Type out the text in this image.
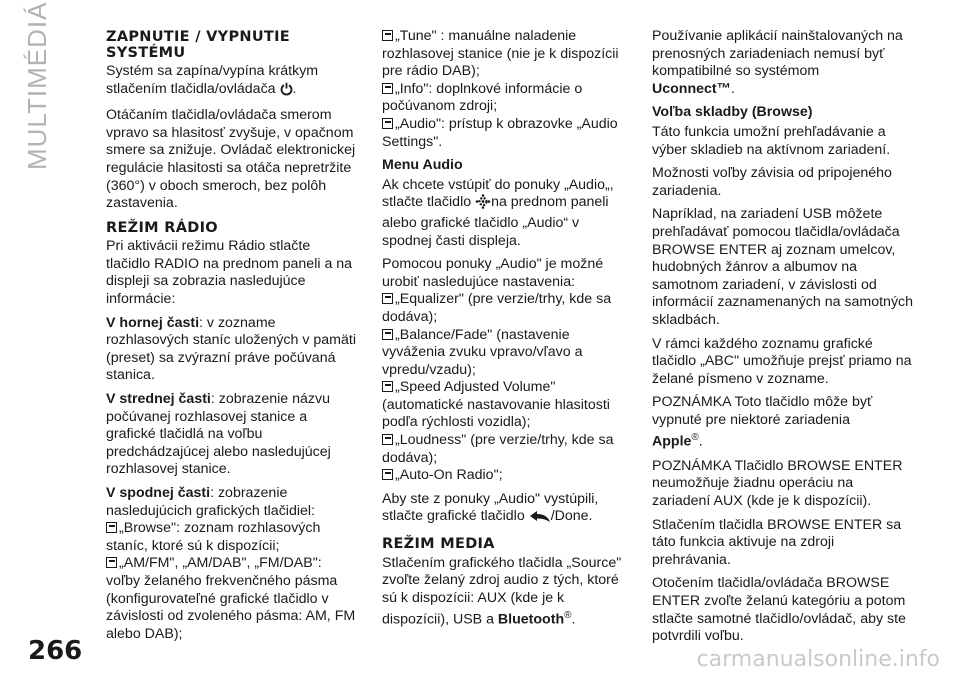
MULTIMÉDIÁ	ZAPNUTIE / VYPNUTIE SYSTÉMU

Systém sa zapína/vypína krátkym stlačením tlačidla/ovládača .

Otáčaním tlačidla/ovládača smerom vpravo sa hlasitosť zvyšuje, v opačnom smere sa znižuje. Ovládač elektronickej regulácie hlasitosti sa otáča nepretržite (360°) v oboch smeroch, bez polôh zastavenia.

REŽIM RÁDIO

Pri aktivácii režimu Rádio stlačte tlačidlo RADIO na prednom paneli a na displeji sa zobrazia nasledujúce informácie:

V hornej časti: v zozname rozhlasových staníc uložených v pamäti (preset) sa zvýrazní práve počúvaná stanica.

V strednej časti: zobrazenie názvu počúvanej rozhlasovej stanice a grafické tlačidlá na voľbu predchádzajúcej alebo nasledujúcej rozhlasovej stanice.

V spodnej časti: zobrazenie nasledujúcich grafických tlačidiel:

„Browse": zoznam rozhlasových staníc, ktoré sú k dispozícii;
„AM/FM", „AM/DAB", „FM/DAB": voľby želaného frekvenčného pásma (konfigurovateľné grafické tlačidlo v závislosti od zvoleného pásma: AM, FM alebo DAB);
„Tune" : manuálne naladenie rozhlasovej stanice (nie je k dispozícii pre rádio DAB);
„Info": doplnkové informácie o počúvanom zdroji;
„Audio": prístup k obrazovke „Audio Settings".
Menu Audio

Ak chcete vstúpiť do ponuky „Audio„, stlačte tlačidlo na prednom paneli alebo grafické tlačidlo „Audio“ v spodnej časti displeja.

Pomocou ponuky „Audio" je možné urobiť nasledujúce nastavenia:

„Equalizer" (pre verzie/trhy, kde sa dodáva);
„Balance/Fade" (nastavenie vyváženia zvuku vpravo/vľavo a vpredu/vzadu);
„Speed Adjusted Volume" (automatické nastavovanie hlasitosti podľa rýchlosti vozidla);
„Loudness" (pre verzie/trhy, kde sa dodáva);
„Auto-On Radio";

Aby ste z ponuky „Audio" vystúpili, stlačte grafické tlačidlo /Done.

REŽIM MEDIA

Stlačením grafického tlačidla „Source" zvoľte želaný zdroj audio z tých, ktoré sú k dispozícii: AUX (kde je k dispozícii), USB a Bluetooth®.

Používanie aplikácií nainštalovaných na prenosných zariadeniach nemusí byť kompatibilné so systémom
Uconnect™.

Voľba skladby (Browse)

Táto funkcia umožní prehľadávanie a výber skladieb na aktívnom zariadení.

Možnosti voľby závisia od pripojeného zariadenia.

Napríklad, na zariadení USB môžete prehľadávať pomocou tlačidla/ovládača BROWSE ENTER aj zoznam umelcov, hudobných žánrov a albumov na samotnom zariadení, v závislosti od informácií zaznamenaných na samotných skladbách.

V rámci každého zoznamu grafické tlačidlo „ABC" umožňuje prejsť priamo na želané písmeno v zozname.

POZNÁMKA Toto tlačidlo môže byť vypnuté pre niektoré zariadenia
Apple®.

POZNÁMKA Tlačidlo BROWSE ENTER neumožňuje žiadnu operáciu na zariadení AUX (kde je k dispozícii).

Stlačením tlačidla BROWSE ENTER sa táto funkcia aktivuje na zdroji prehrávania.

Otočením tlačidla/ovládača BROWSE ENTER zvoľte želanú kategóriu a potom stlačte samotné tlačidlo/ovládač, aby ste potvrdili voľbu.

266	carmanualsonline.info
